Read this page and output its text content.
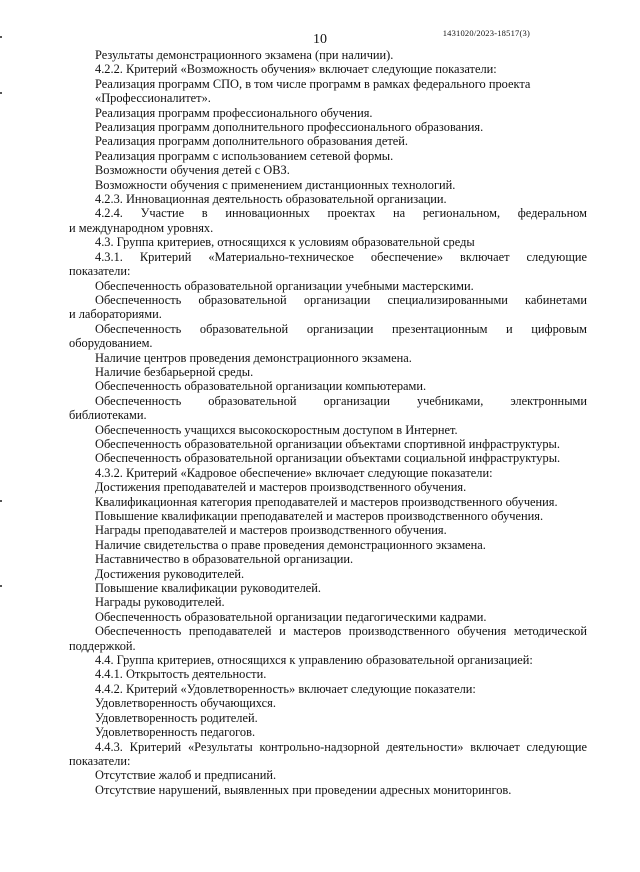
1431020/2023-18517(3)
10
Результаты демонстрационного экзамена (при наличии).
4.2.2. Критерий «Возможность обучения» включает следующие показатели:
Реализация программ СПО, в том числе программ в рамках федерального проекта
«Профессионалитет».
Реализация программ профессионального обучения.
Реализация программ дополнительного профессионального образования.
Реализация программ дополнительного образования детей.
Реализация программ с использованием сетевой формы.
Возможности обучения детей с ОВЗ.
Возможности обучения с применением дистанционных технологий.
4.2.3. Инновационная деятельность образовательной организации.
4.2.4. Участие в инновационных проектах на региональном, федеральном
и международном уровнях.
4.3. Группа критериев, относящихся к условиям образовательной среды
4.3.1. Критерий «Материально-техническое обеспечение» включает следующие
показатели:
Обеспеченность образовательной организации учебными мастерскими.
Обеспеченность образовательной организации специализированными кабинетами
и лабораториями.
Обеспеченность образовательной организации презентационным и цифровым
оборудованием.
Наличие центров проведения демонстрационного экзамена.
Наличие безбарьерной среды.
Обеспеченность образовательной организации компьютерами.
Обеспеченность образовательной организации учебниками, электронными
библиотеками.
Обеспеченность учащихся высокоскоростным доступом в Интернет.
Обеспеченность образовательной организации объектами спортивной инфраструктуры.
Обеспеченность образовательной организации объектами социальной инфраструктуры.
4.3.2. Критерий «Кадровое обеспечение» включает следующие показатели:
Достижения преподавателей и мастеров производственного обучения.
Квалификационная категория преподавателей и мастеров производственного обучения.
Повышение квалификации преподавателей и мастеров производственного обучения.
Награды преподавателей и мастеров производственного обучения.
Наличие свидетельства о праве проведения демонстрационного экзамена.
Наставничество в образовательной организации.
Достижения руководителей.
Повышение квалификации руководителей.
Награды руководителей.
Обеспеченность образовательной организации педагогическими кадрами.
Обеспеченность преподавателей и мастеров производственного обучения методической
поддержкой.
4.4. Группа критериев, относящихся к управлению образовательной организацией:
4.4.1. Открытость деятельности.
4.4.2. Критерий «Удовлетворенность» включает следующие показатели:
Удовлетворенность обучающихся.
Удовлетворенность родителей.
Удовлетворенность педагогов.
4.4.3. Критерий «Результаты контрольно-надзорной деятельности» включает следующие
показатели:
Отсутствие жалоб и предписаний.
Отсутствие нарушений, выявленных при проведении адресных мониторингов.
